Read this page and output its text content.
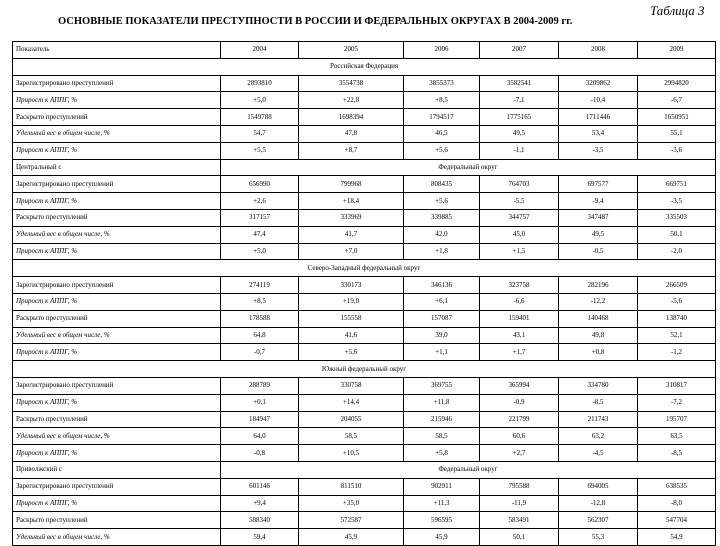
Таблица 3
ОСНОВНЫЕ ПОКАЗАТЕЛИ ПРЕСТУПНОСТИ В РОССИИ И ФЕДЕРАЛЬНЫХ ОКРУГАХ В 2004-2009 гг.
Показатель	2004	2005	2006	2007	2008	2009
Российская Федерация						
Зарегистрировано преступлений	2893810	3554738	3855373	3582541	3209862	2994820
Прирост к АППГ, %	+5,0	+22,8	+8,5	-7,1	-10,4	-6,7
Раскрыто преступлений	1549788	1698394	1794517	1775165	1711446	1650951
Удельный вес в общем числе, %	54,7	47,8	46,5	49,5	53,4	55,1
Прирост к АППГ, %	+5,5	+8,7	+5,6	-1,1	-3,5	-3,6
Центральный с	Федеральный округ					
Зарегистрировано преступлений	656990	799968	808435	764703	697577	669751
Прирост к АППГ, %	+2,6	+18,4	+5,6	-5,5	-9,4	-3,5
Раскрыто преступлений	317157	333969	339885	344757	347487	335503
Удельный вес в общем числе, %	47,4	41,7	42,0	45,0	49,5	50,1
Прирост к АППГ, %	+5,0	+7,0	+1,8	+1,5	-0,5	-2,0
Северо-Западный федеральный округ						
Зарегистрировано преступлений	274119	330173	346136	323758	282196	266509
Прирост к АППГ, %	+8,5	+19,0	+6,1	-6,6	-12,2	-5,6
Раскрыто преступлений	178588	155558	157087	159401	140468	138740
Удельный вес в общем числе, %	64,8	41,6	39,0	43,1	49,8	52,1
Прирост к АППГ, %	-0,7	+5,6	+1,1	+1,7	+0,8	-1,2
Южный федеральный округ						
Зарегистрировано преступлений	288789	330758	369755	365994	334780	310817
Прирост к АППГ, %	+0,1	+14,4	+11,8	-0,9	-8,5	-7,2
Раскрыто преступлений	184947	204055	215946	221799	211743	195707
Удельный вес в общем числе, %	64,0	58,5	58,5	60,6	63,2	63,5
Прирост к АППГ, %	-0,8	+10,5	+5,8	+2,7	-4,5	-8,5
Приволжский с	Федеральный округ					
Зарегистрировано преступлений	601146	811510	902911	795588	694005	638535
Прирост к АППГ, %	+9,4	+35,0	+11,3	-11,9	-12,8	-8,0
Раскрыто преступлений	588340	572587	596595	583491	562307	547704
Удельный вес в общем числе, %	59,4	45,9	45,9	50,1	55,3	54,9
